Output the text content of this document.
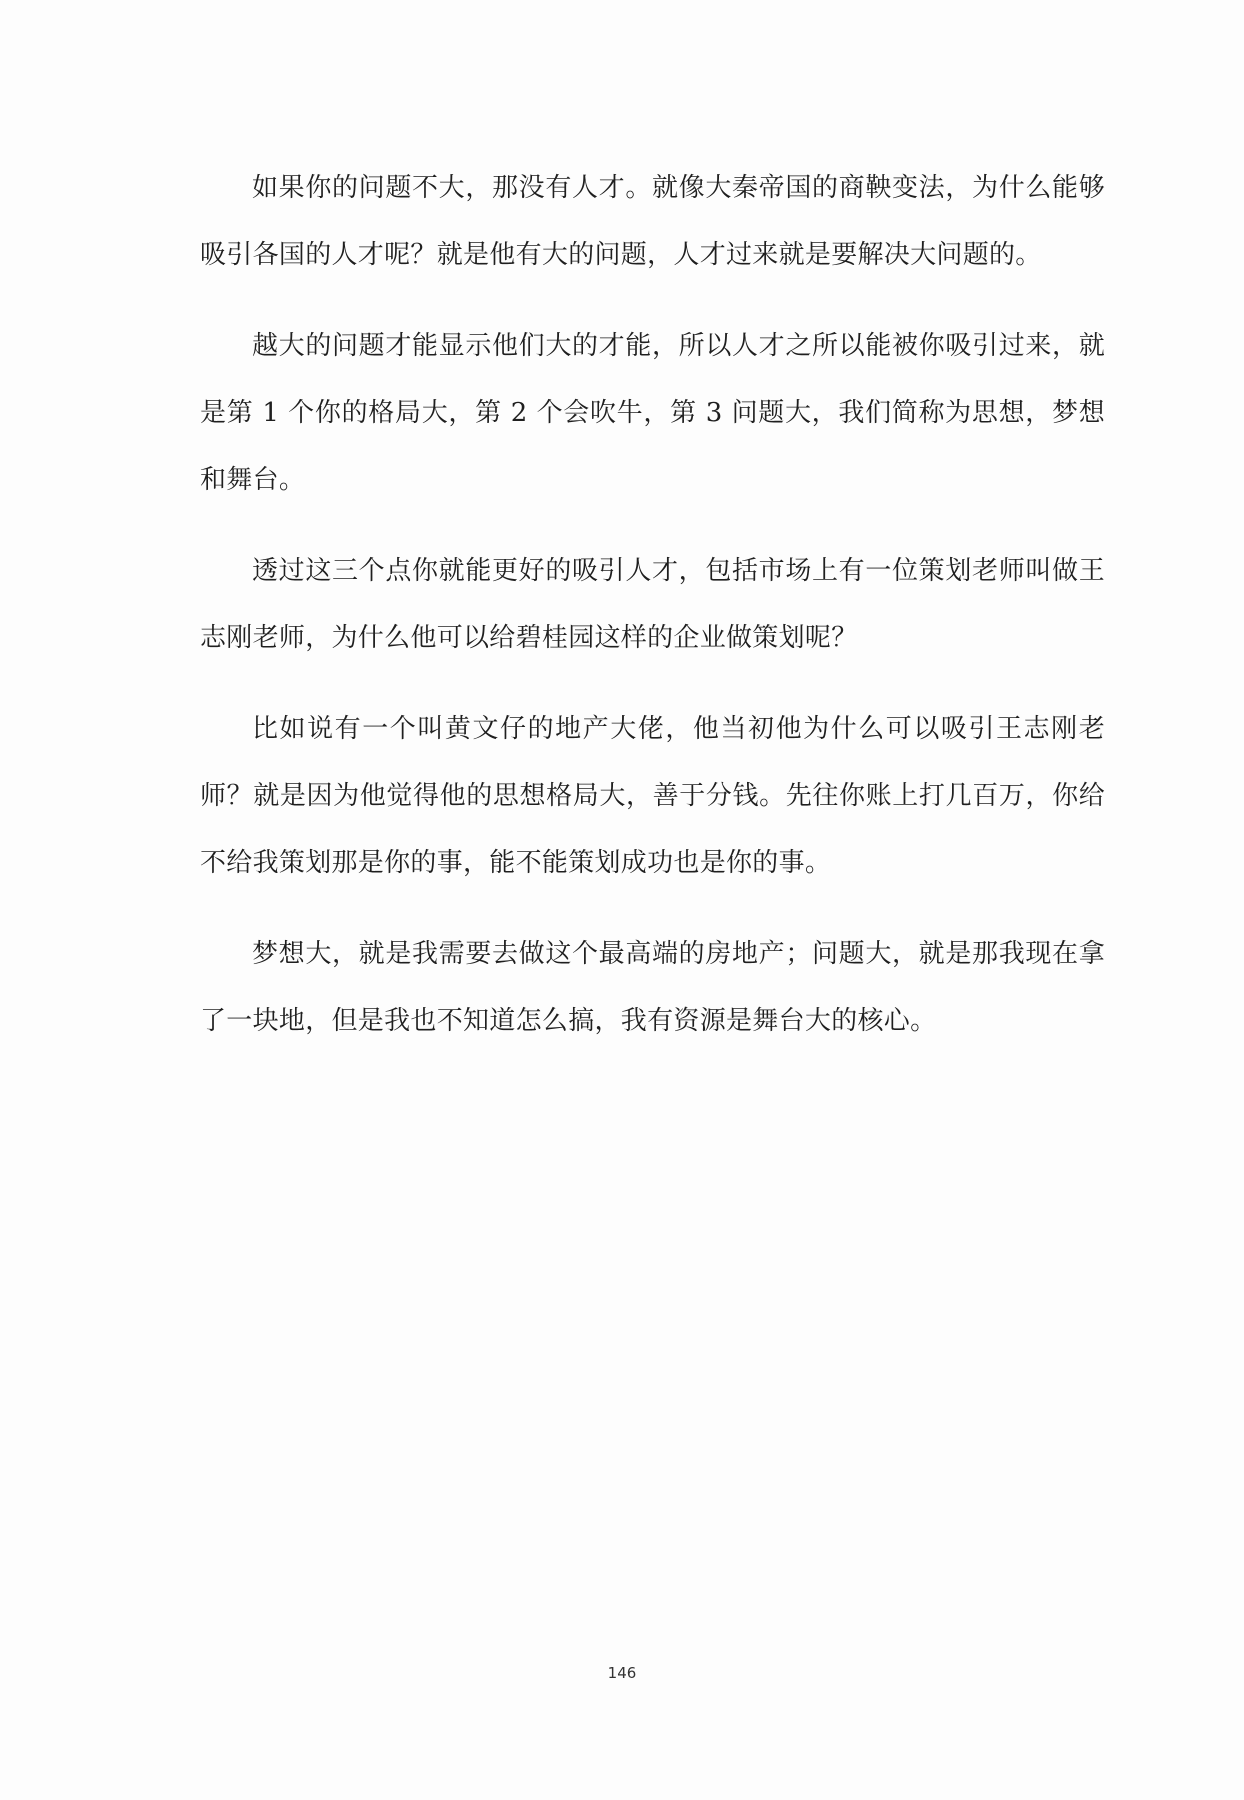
如果你的问题不大，那没有人才。就像大秦帝国的商鞅变法，为什么能够吸引各国的人才呢？就是他有大的问题，人才过来就是要解决大问题的。

越大的问题才能显示他们大的才能，所以人才之所以能被你吸引过来，就是第 1 个你的格局大，第 2 个会吹牛，第 3 问题大，我们简称为思想，梦想和舞台。

透过这三个点你就能更好的吸引人才，包括市场上有一位策划老师叫做王志刚老师，为什么他可以给碧桂园这样的企业做策划呢？

比如说有一个叫黄文仔的地产大佬，他当初他为什么可以吸引王志刚老师？就是因为他觉得他的思想格局大，善于分钱。先往你账上打几百万，你给不给我策划那是你的事，能不能策划成功也是你的事。

梦想大，就是我需要去做这个最高端的房地产；问题大，就是那我现在拿了一块地，但是我也不知道怎么搞，我有资源是舞台大的核心。

146
